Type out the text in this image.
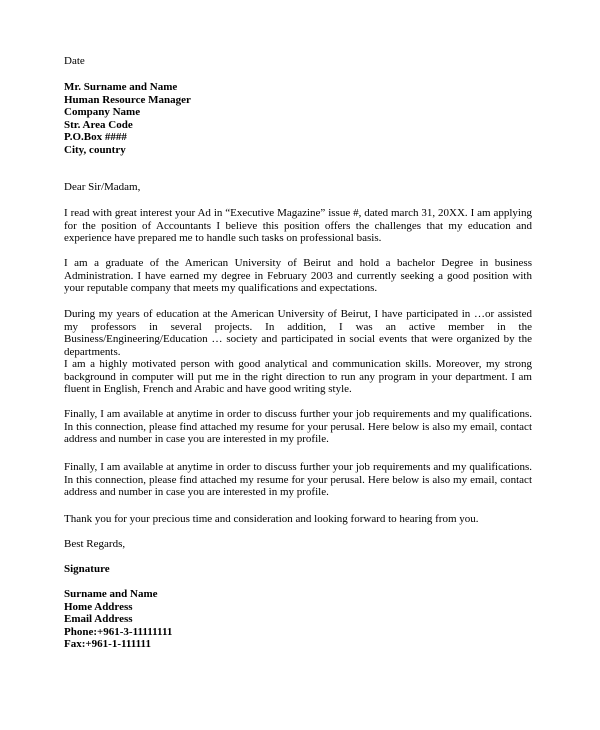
Date
Mr. Surname and Name
Human Resource Manager
Company Name
Str. Area Code
P.O.Box ####
City, country
Dear Sir/Madam,
I read with great interest your Ad in “Executive Magazine” issue #, dated march 31, 20XX. I am applying for the position of Accountants I believe this position offers the challenges that my education and experience have prepared me to handle such tasks on professional basis.
I am a graduate of the American University of Beirut and hold a bachelor Degree in business Administration. I have earned my degree in February 2003 and currently seeking a good position with your reputable company that meets my qualifications and expectations.
During my years of education at the American University of Beirut, I have participated in …or assisted my professors in several projects. In addition, I was an active member in the Business/Engineering/Education … society and participated in social events that were organized by the departments.
I am a highly motivated person with good analytical and communication skills. Moreover, my strong background in computer will put me in the right direction to run any program in your department. I am fluent in English, French and Arabic and have good writing style.
Finally, I am available at anytime in order to discuss further your job requirements and my qualifications. In this connection, please find attached my resume for your perusal. Here below is also my email, contact address and number in case you are interested in my profile.
Finally, I am available at anytime in order to discuss further your job requirements and my qualifications. In this connection, please find attached my resume for your perusal. Here below is also my email, contact address and number in case you are interested in my profile.
Thank you for your precious time and consideration and looking forward to hearing from you.
Best Regards,
Signature
Surname and Name
Home Address
Email Address
Phone:+961-3-11111111
Fax:+961-1-111111
